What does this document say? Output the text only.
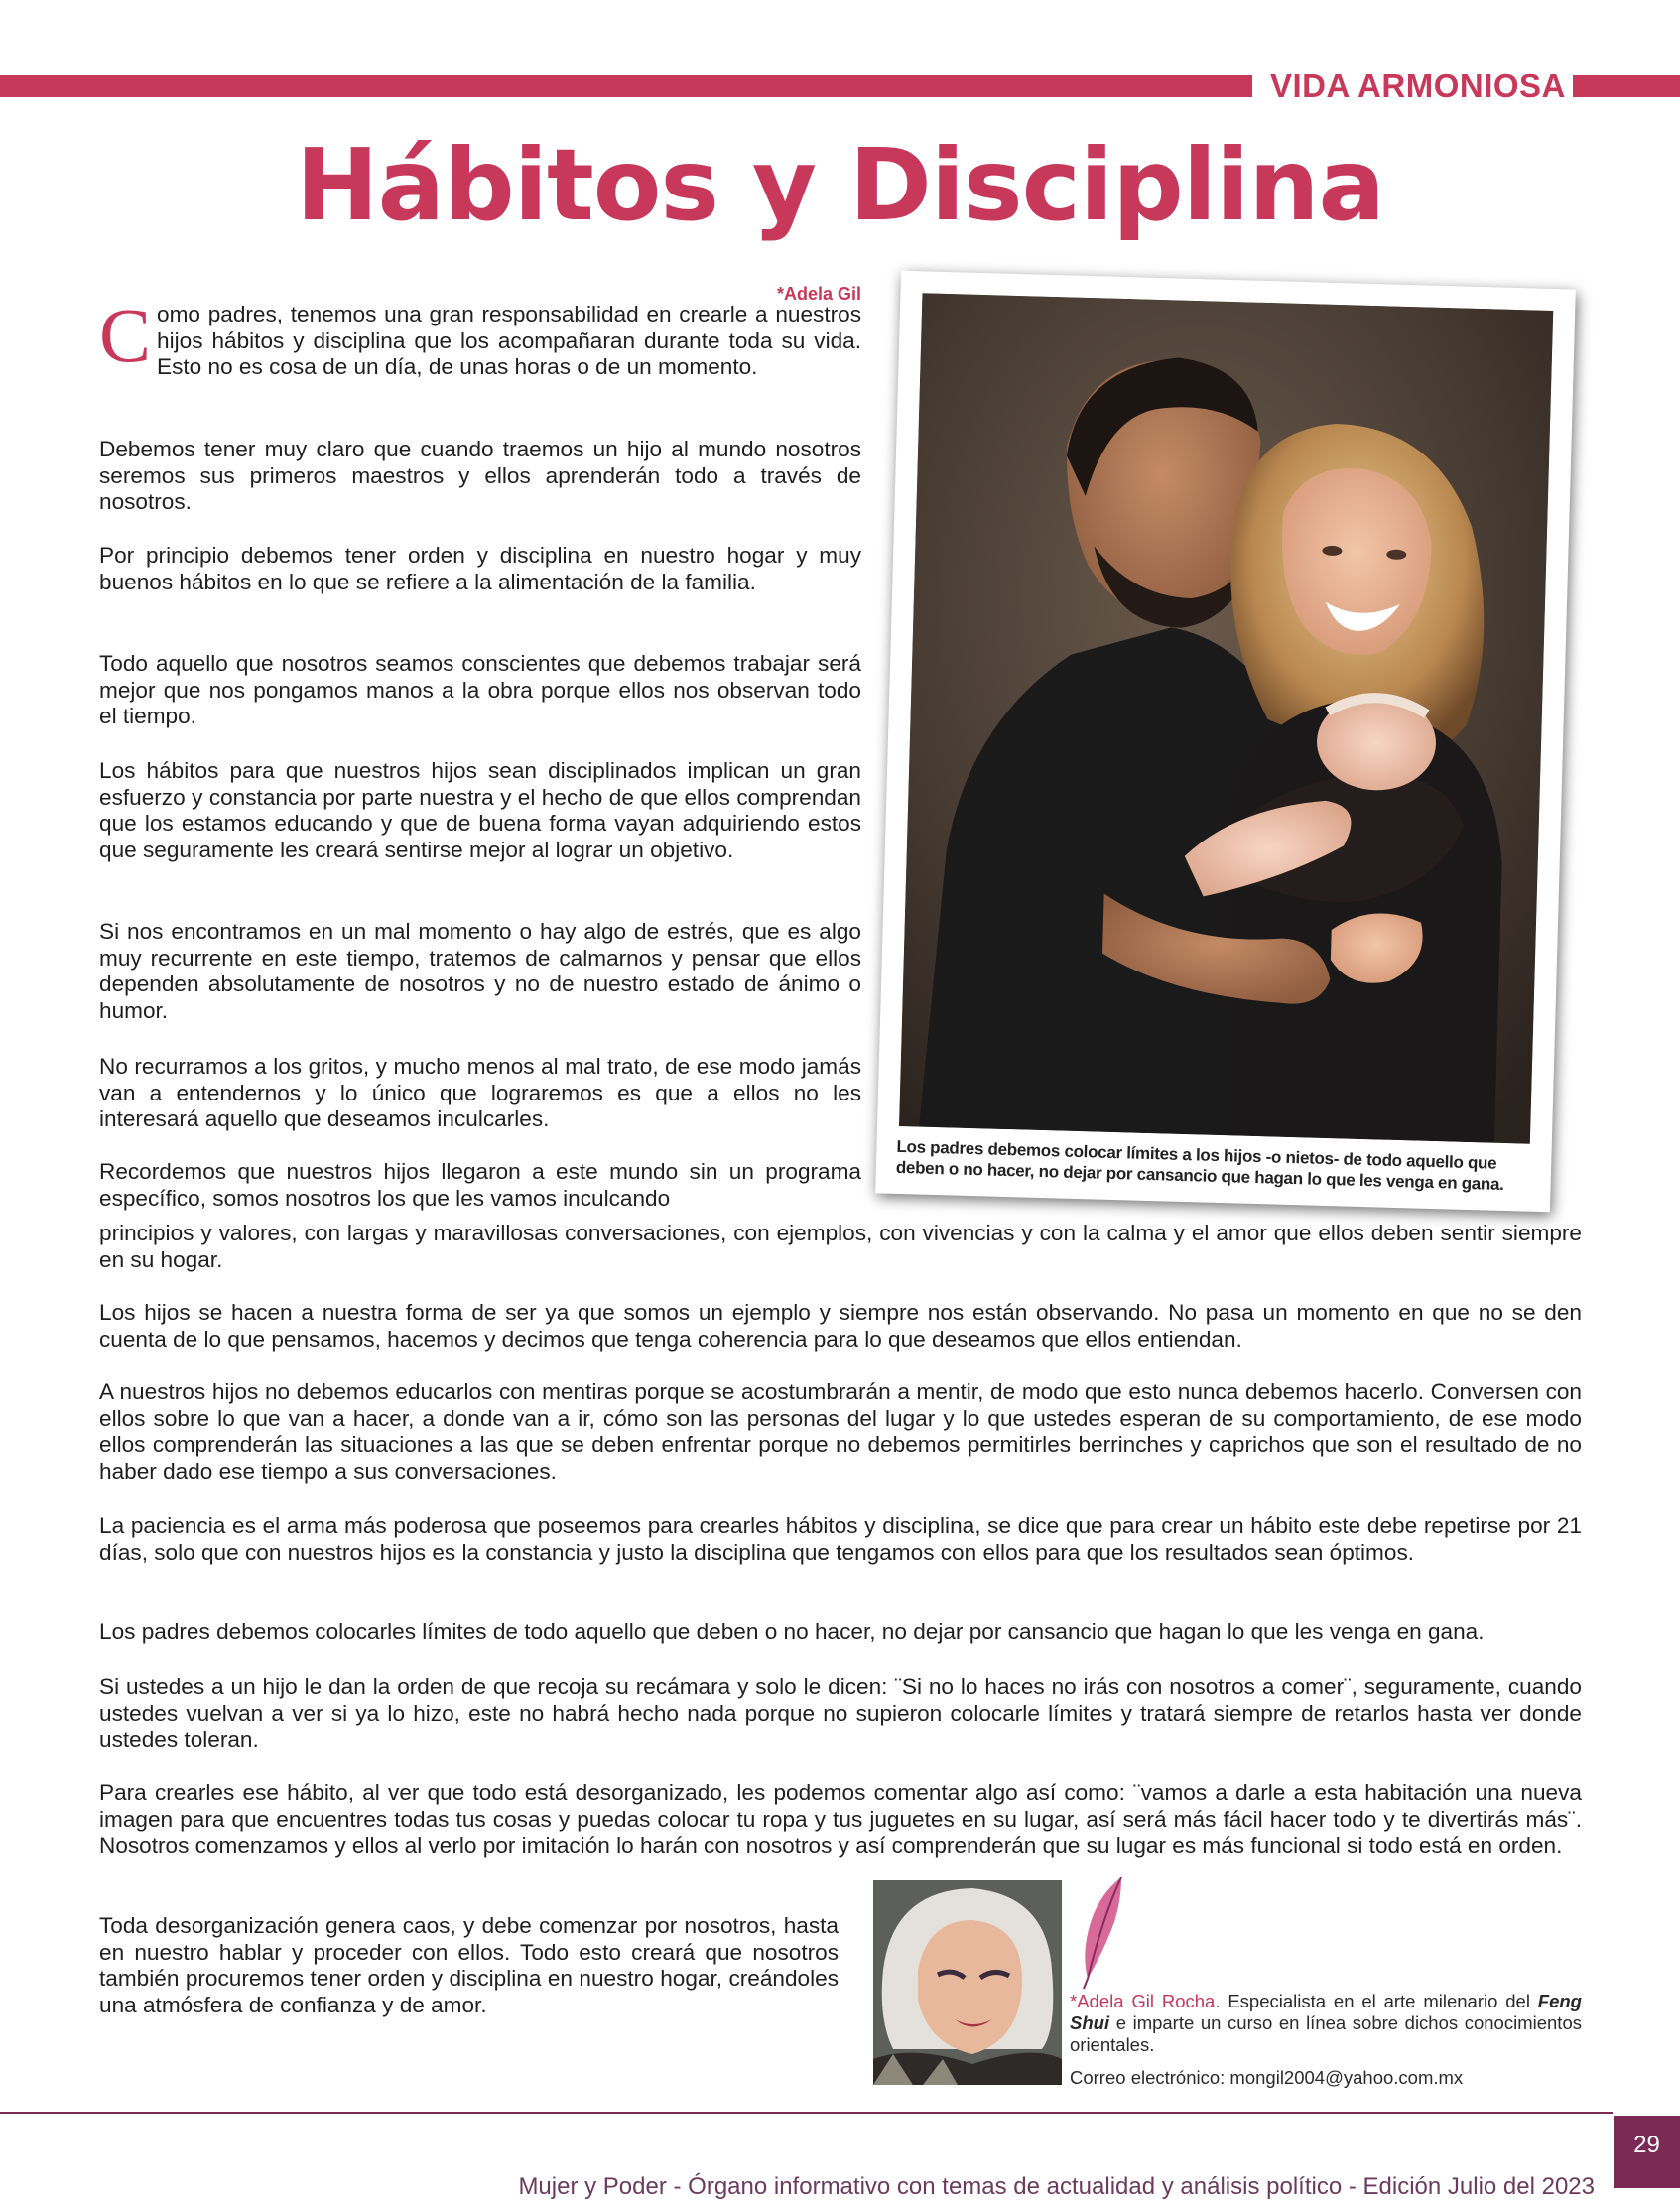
VIDA ARMONIOSA
Hábitos y Disciplina
*Adela Gil
Como padres, tenemos una gran responsabilidad en crearle a nuestros hijos hábitos y disciplina que los acompañaran durante toda su vida. Esto no es cosa de un día, de unas horas o de un momento.
Debemos tener muy claro que cuando traemos un hijo al mundo nosotros seremos sus primeros maestros y ellos aprenderán todo a través de nosotros.
Por principio debemos tener orden y disciplina en nuestro hogar y muy buenos hábitos en lo que se refiere a la alimentación de la familia.
Todo aquello que nosotros seamos conscientes que debemos trabajar será mejor que nos pongamos manos a la obra porque ellos nos observan todo el tiempo.
Los hábitos para que nuestros hijos sean disciplinados implican un gran esfuerzo y constancia por parte nuestra y el hecho de que ellos comprendan que los estamos educando y que de buena forma vayan adquiriendo estos que seguramente les creará sentirse mejor al lograr un objetivo.
Si nos encontramos en un mal momento o hay algo de estrés, que es algo muy recurrente en este tiempo, tratemos de calmarnos y pensar que ellos dependen absolutamente de nosotros y no de nuestro estado de ánimo o humor.
No recurramos a los gritos, y mucho menos al mal trato, de ese modo jamás van a entendernos y lo único que lograremos es que a ellos no les interesará aquello que deseamos inculcarles.
Recordemos que nuestros hijos llegaron a este mundo sin un programa específico, somos nosotros los que les vamos inculcando
principios y valores, con largas y maravillosas conversaciones, con ejemplos, con vivencias y con la calma y el amor que ellos deben sentir siempre en su hogar.
Los hijos se hacen a nuestra forma de ser ya que somos un ejemplo y siempre nos están observando. No pasa un momento en que no se den cuenta de lo que pensamos, hacemos y decimos que tenga coherencia para lo que deseamos que ellos entiendan.
A nuestros hijos no debemos educarlos con mentiras porque se acostumbrarán a mentir, de modo que esto nunca debemos hacerlo. Conversen con ellos sobre lo que van a hacer, a donde van a ir, cómo son las personas del lugar y lo que ustedes esperan de su comportamiento, de ese modo ellos comprenderán las situaciones a las que se deben enfrentar porque no debemos permitirles berrinches y caprichos que son el resultado de no haber dado ese tiempo a sus conversaciones.
La paciencia es el arma más poderosa que poseemos para crearles hábitos y disciplina, se dice que para crear un hábito este debe repetirse por 21 días, solo que con nuestros hijos es la constancia y justo la disciplina que tengamos con ellos para que los resultados sean óptimos.
Los padres debemos colocarles límites de todo aquello que deben o no hacer, no dejar por cansancio que hagan lo que les venga en gana.
Si ustedes a un hijo le dan la orden de que recoja su recámara y solo le dicen: ¨Si no lo haces no irás con nosotros a comer¨, seguramente, cuando ustedes vuelvan a ver si ya lo hizo, este no habrá hecho nada porque no supieron colocarle límites y tratará siempre de retarlos hasta ver donde ustedes toleran.
Para crearles ese hábito, al ver que todo está desorganizado, les podemos comentar algo así como: ¨vamos a darle a esta habitación una nueva imagen para que encuentres todas tus cosas y puedas colocar tu ropa y tus juguetes en su lugar, así será más fácil hacer todo y te divertirás más¨. Nosotros comenzamos y ellos al verlo por imitación lo harán con nosotros y así comprenderán que su lugar es más funcional si todo está en orden.
Toda desorganización genera caos, y debe comenzar por nosotros, hasta en nuestro hablar y proceder con ellos. Todo esto creará que nosotros también procuremos tener orden y disciplina en nuestro hogar, creándoles una atmósfera de confianza y de amor.
Los padres debemos colocar límites a los hijos -o nietos- de todo aquello que deben o no hacer, no dejar por cansancio que hagan lo que les venga en gana.
*Adela Gil Rocha. Especialista en el arte milenario del Feng Shui e imparte un curso en línea sobre dichos conocimientos orientales.
Correo electrónico: mongil2004@yahoo.com.mx
Mujer y Poder - Órgano informativo con temas de actualidad y análisis político - Edición Julio del 2023
29
